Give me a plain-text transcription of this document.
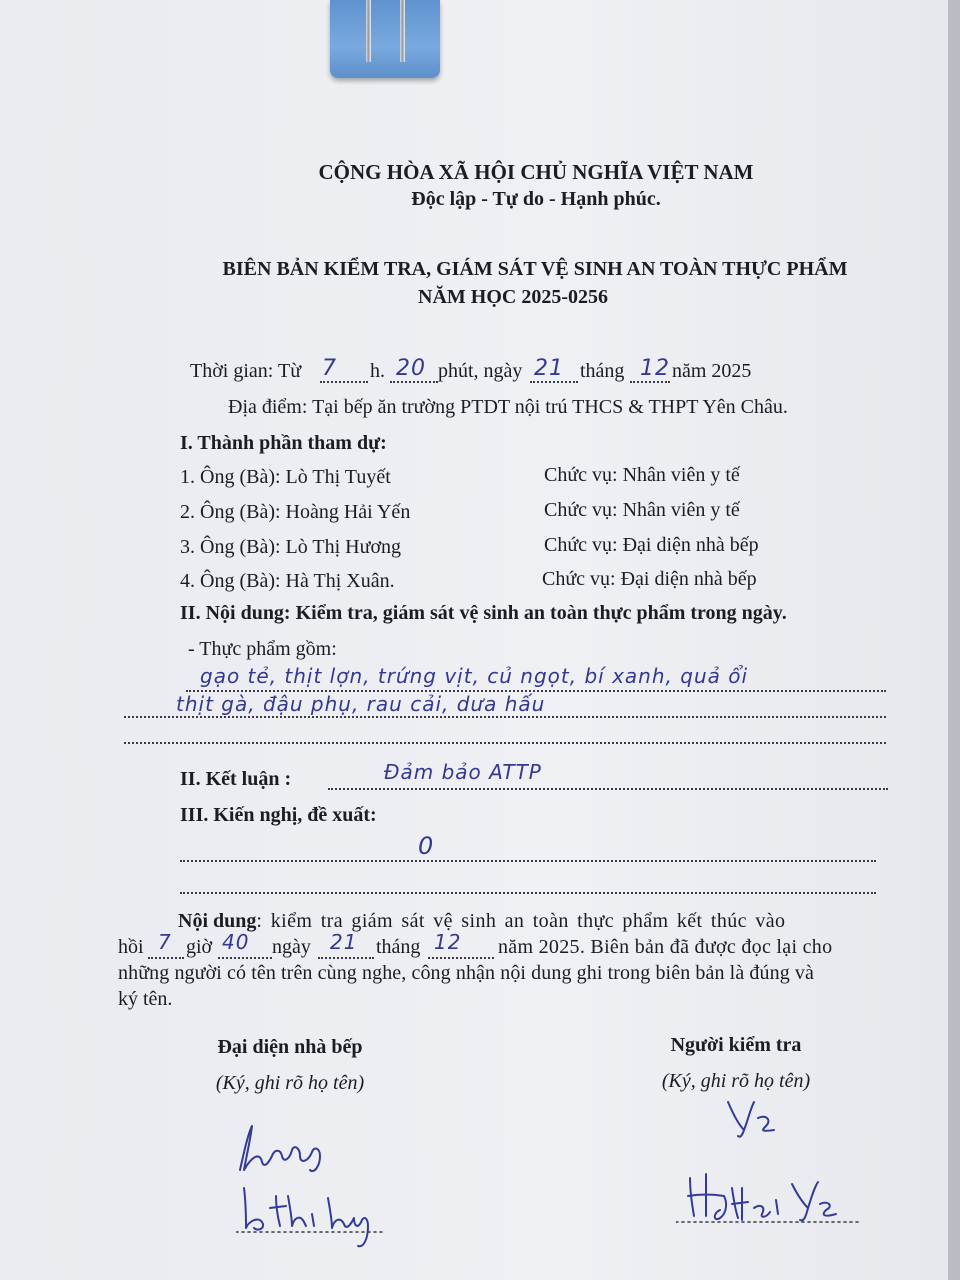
CỘNG HÒA XÃ HỘI CHỦ NGHĨA VIỆT NAM
Độc lập - Tự do - Hạnh phúc.
BIÊN BẢN KIỂM TRA, GIÁM SÁT VỆ SINH AN TOÀN THỰC PHẨM
NĂM HỌC 2025-0256
Thời gian: Từ 7 h. 20 phút, ngày 21 tháng 12 năm 2025
Địa điểm: Tại bếp ăn trường PTDT nội trú THCS & THPT Yên Châu.
I. Thành phần tham dự:
1. Ông (Bà): Lò Thị Tuyết	Chức vụ: Nhân viên y tế
2. Ông (Bà): Hoàng Hải Yến	Chức vụ: Nhân viên y tế
3. Ông (Bà): Lò Thị Hương	Chức vụ: Đại diện nhà bếp
4. Ông (Bà): Hà Thị Xuân.	Chức vụ: Đại diện nhà bếp
II. Nội dung: Kiểm tra, giám sát vệ sinh an toàn thực phẩm trong ngày.
- Thực phẩm gồm:
gạo tẻ, thịt lợn, trứng vịt, củ ngọt, bí xanh, quả ổi
thịt gà, đậu phụ, rau cải, dưa hấu
II. Kết luận :	Đảm bảo ATTP
III. Kiến nghị, đề xuất:
0
Nội dung: kiểm tra giám sát vệ sinh an toàn thực phẩm kết thúc vào
hồi 7 giờ 40 ngày 21 tháng 12 năm 2025. Biên bản đã được đọc lại cho
những người có tên trên cùng nghe, công nhận nội dung ghi trong biên bản là đúng và
ký tên.
Đại diện nhà bếp
(Ký, ghi rõ họ tên)
Người kiểm tra
(Ký, ghi rõ họ tên)
